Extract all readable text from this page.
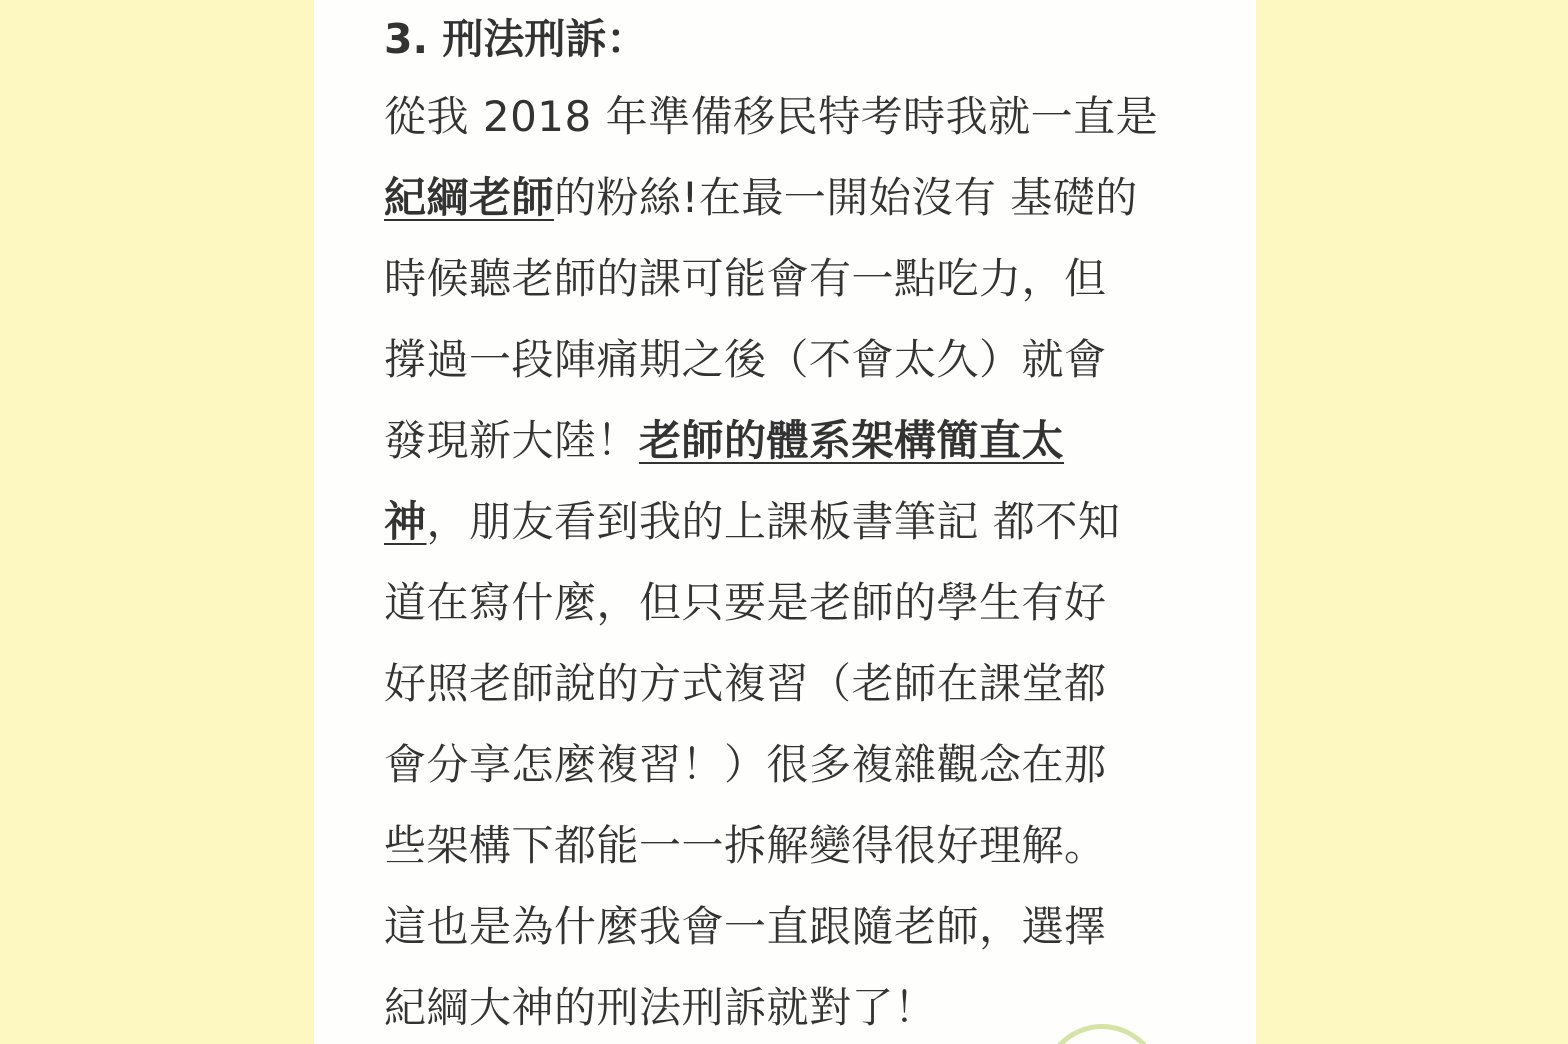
3. 刑法刑訴：
從我 2018 年準備移民特考時我就一直是
紀綱老師的粉絲!在最一開始沒有 基礎的
時候聽老師的課可能會有一點吃力，但
撐過一段陣痛期之後（不會太久）就會
發現新大陸！老師的體系架構簡直太
神，朋友看到我的上課板書筆記 都不知
道在寫什麼，但只要是老師的學生有好
好照老師說的方式複習（老師在課堂都
會分享怎麼複習！）很多複雜觀念在那
些架構下都能一一拆解變得很好理解。
這也是為什麼我會一直跟隨老師，選擇
紀綱大神的刑法刑訴就對了！
